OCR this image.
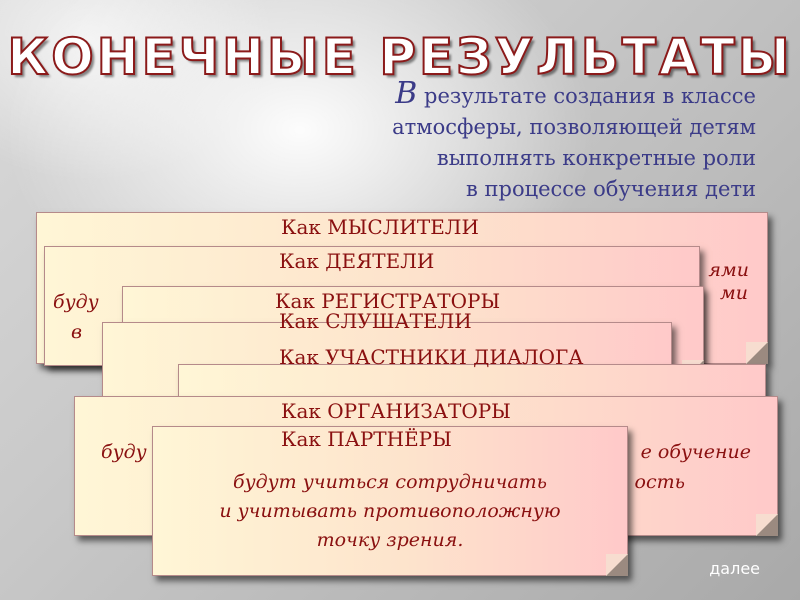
КОНЕЧНЫЕ РЕЗУЛЬТАТЫ
В результате создания в классе
атмосферы, позволяющей детям
выполнять конкретные роли
в процессе обучения дети
Как МЫСЛИТЕЛИ
ями
Как ДЕЯТЕЛИ
буду
в
ми
Как РЕГИСТРАТОРЫ
Как СЛУШАТЕЛИ
Как УЧАСТНИКИ ДИАЛОГА
Как ОРГАНИЗАТОРЫ
буду	е обучение
ость
Как ПАРТНЁРЫ
будут учиться сотрудничать
и учитывать противоположную
точку зрения.
далее
